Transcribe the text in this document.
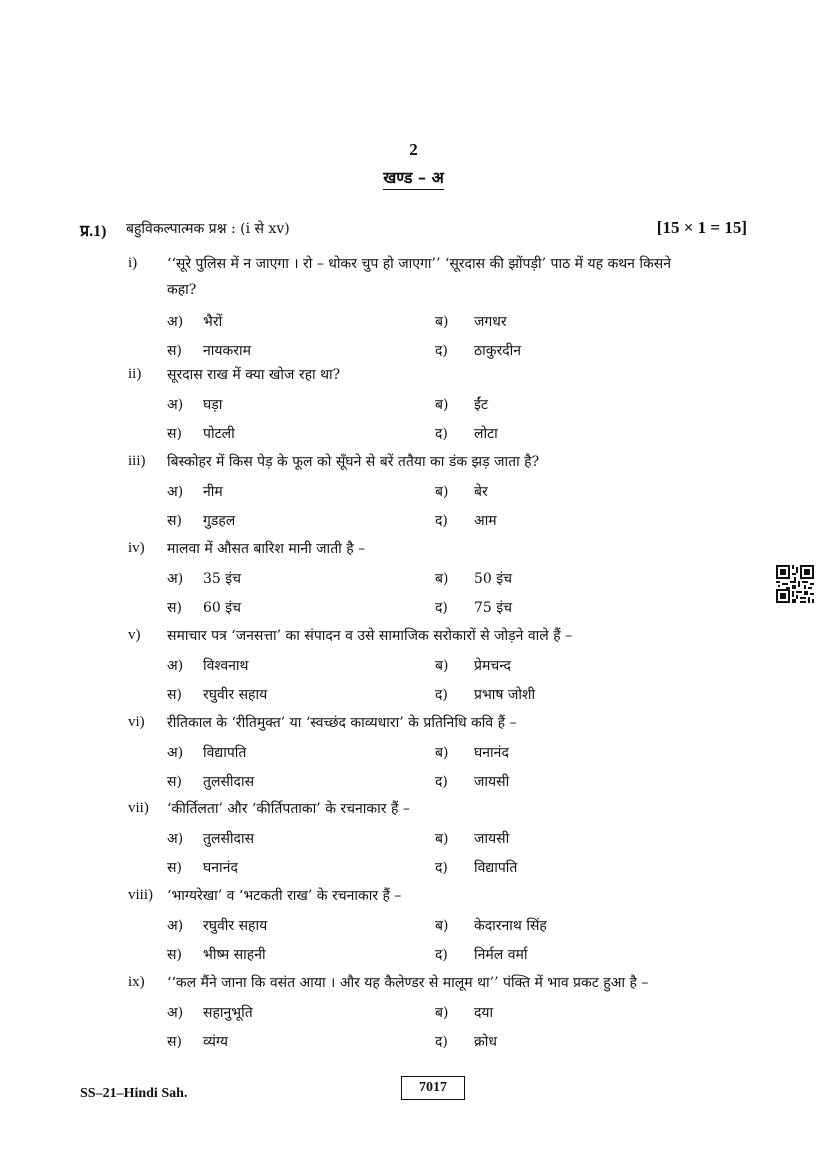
2
खण्ड – अ
प्र.1) बहुविकल्पात्मक प्रश्न : (i से xv)	[15 × 1 = 15]
i) ‘‘सूरे पुलिस में न जाएगा । रो – धोकर चुप हो जाएगा’’ ‘सूरदास की झोंपड़ी’ पाठ में यह कथन किसने
कहा?
अ) भैरों	ब) जगधर
स) नायकराम	द) ठाकुरदीन
ii) सूरदास राख में क्या खोज रहा था?
अ) घड़ा	ब) ईंट
स) पोटली	द) लोटा
iii) बिस्कोहर में किस पेड़ के फूल को सूँघने से बरें ततैया का डंक झड़ जाता है?
अ) नीम	ब) बेर
स) गुडहल	द) आम
iv) मालवा में औसत बारिश मानी जाती है –
अ) 35 इंच	ब) 50 इंच
स) 60 इंच	द) 75 इंच
v) समाचार पत्र ‘जनसत्ता’ का संपादन व उसे सामाजिक सरोकारों से जोड़ने वाले हैं –
अ) विश्वनाथ	ब) प्रेमचन्द
स) रघुवीर सहाय	द) प्रभाष जोशी
vi) रीतिकाल के ‘रीतिमुक्त’ या ‘स्वच्छंद काव्यधारा’ के प्रतिनिधि कवि हैं –
अ) विद्यापति	ब) घनानंद
स) तुलसीदास	द) जायसी
vii) ‘कीर्तिलता’ और ‘कीर्तिपताका’ के रचनाकार हैं –
अ) तुलसीदास	ब) जायसी
स) घनानंद	द) विद्यापति
viii) ‘भाग्यरेखा’ व ‘भटकती राख’ के रचनाकार हैं –
अ) रघुवीर सहाय	ब) केदारनाथ सिंह
स) भीष्म साहनी	द) निर्मल वर्मा
ix) ‘‘कल मैंने जाना कि वसंत आया । और यह कैलेण्डर से मालूम था’’ पंक्ति में भाव प्रकट हुआ है –
अ) सहानुभूति	ब) दया
स) व्यंग्य	द) क्रोध
SS–21–Hindi Sah.	7017
